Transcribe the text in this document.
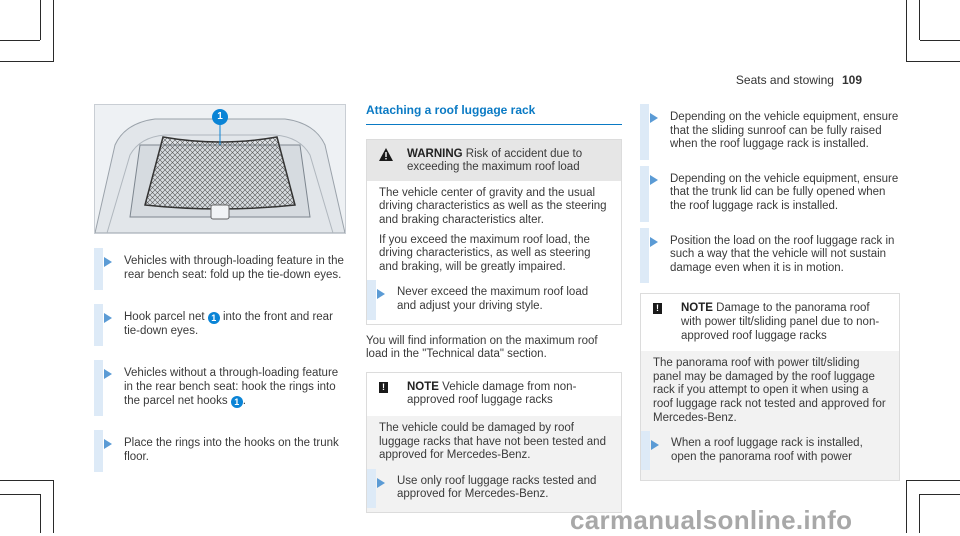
Seats and stowing 109
1
Vehicles with through-loading feature in the rear bench seat: fold up the tie-down eyes.
Hook parcel net 1 into the front and rear tie-down eyes.
Vehicles without a through-loading feature in the rear bench seat: hook the rings into the parcel net hooks 1 .
Place the rings into the hooks on the trunk floor.
Attaching a roof luggage rack
WARNING Risk of accident due to exceeding the maximum roof load

The vehicle center of gravity and the usual driving characteristics as well as the steering and braking characteristics alter.

If you exceed the maximum roof load, the driving characteristics, as well as steering and braking, will be greatly impaired.

Never exceed the maximum roof load and adjust your driving style.

You will find information on the maximum roof load in the "Technical data" section.

!	NOTE Vehicle damage from non-approved roof luggage racks

The vehicle could be damaged by roof luggage racks that have not been tested and approved for Mercedes-Benz.

Use only roof luggage racks tested and approved for Mercedes-Benz.
Depending on the vehicle equipment, ensure that the sliding sunroof can be fully raised when the roof luggage rack is installed.
Depending on the vehicle equipment, ensure that the trunk lid can be fully opened when the roof luggage rack is installed.
Position the load on the roof luggage rack in such a way that the vehicle will not sustain damage even when it is in motion.
!	NOTE Damage to the panorama roof with power tilt/sliding panel due to non-approved roof luggage racks

The panorama roof with power tilt/sliding panel may be damaged by the roof luggage rack if you attempt to open it when using a roof luggage rack not tested and approved for Mercedes-Benz.

When a roof luggage rack is installed, open the panorama roof with power
carmanualsonline.info
